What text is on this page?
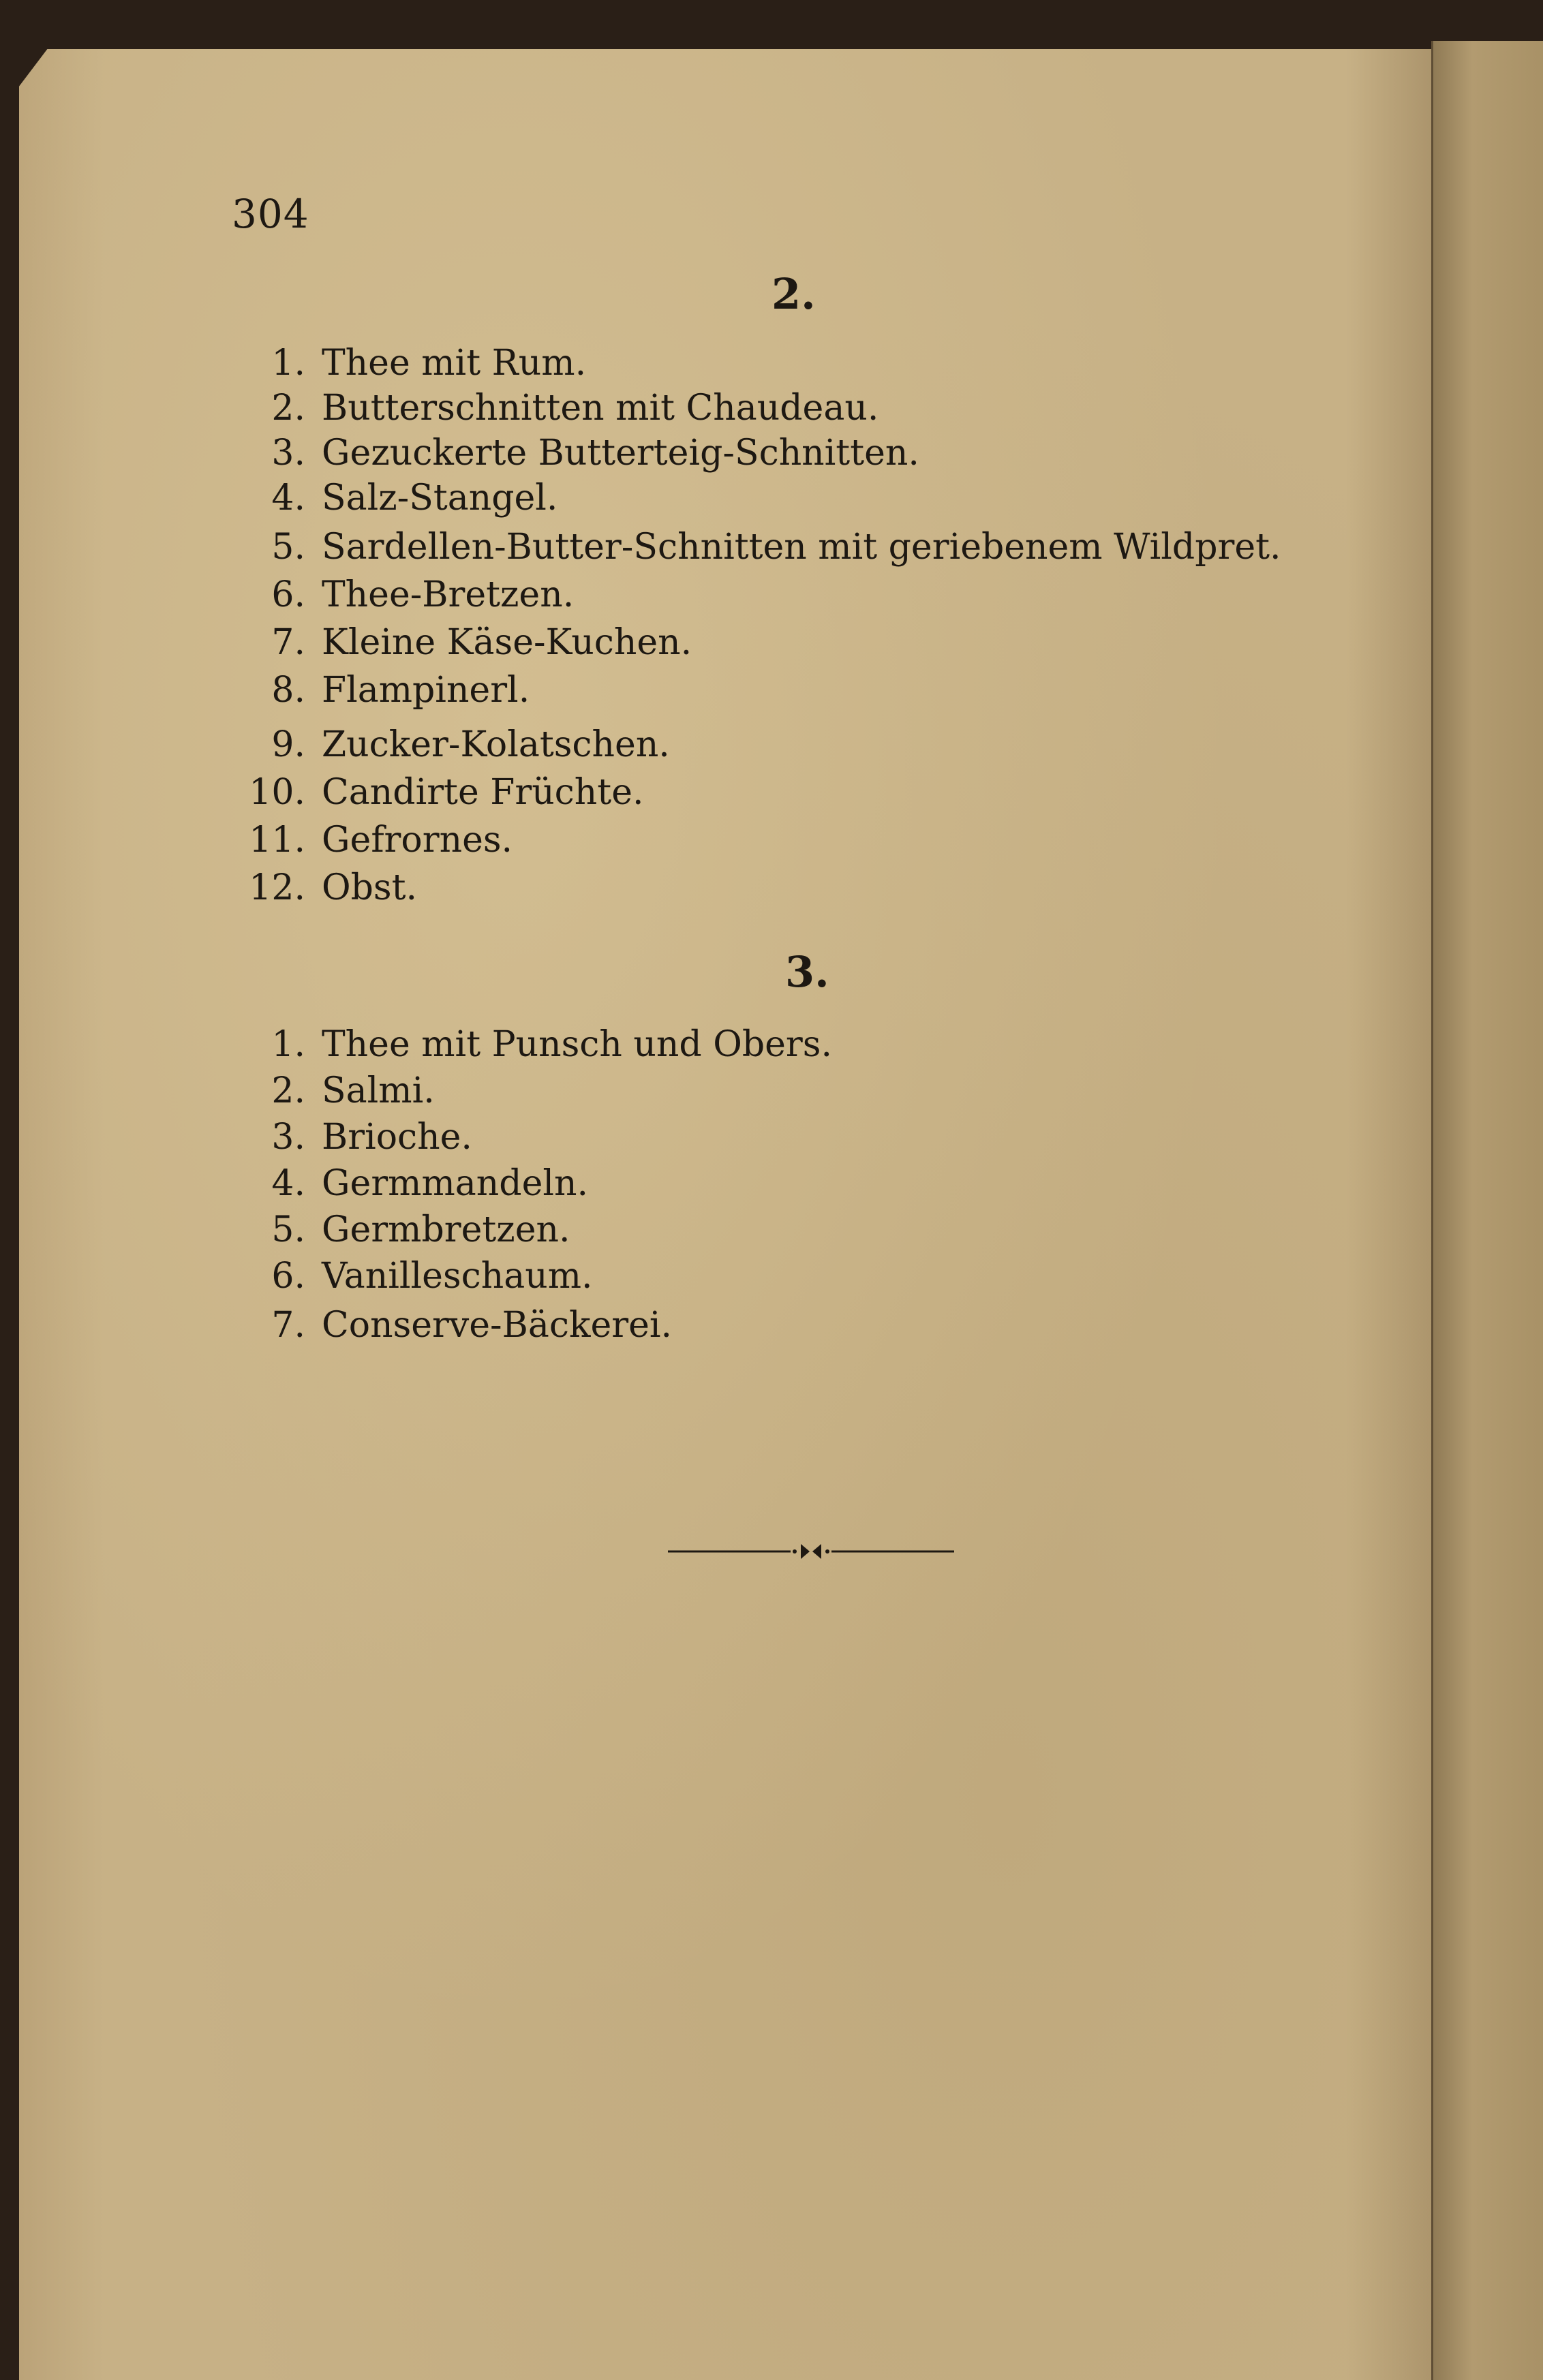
304
2.
1. Thee mit Rum.
2. Butterschnitten mit Chaudeau.
3. Gezuckerte Butterteig-Schnitten.
4. Salz-Stangel.
5. Sardellen-Butter-Schnitten mit geriebenem Wildpret.
6. Thee-Bretzen.
7. Kleine Käse-Kuchen.
8. Flampinerl.
9. Zucker-Kolatschen.
10. Candirte Früchte.
11. Gefrornes.
12. Obst.
3.
1. Thee mit Punsch und Obers.
2. Salmi.
3. Brioche.
4. Germmandeln.
5. Germbretzen.
6. Vanilleschaum.
7. Conserve-Bäckerei.
